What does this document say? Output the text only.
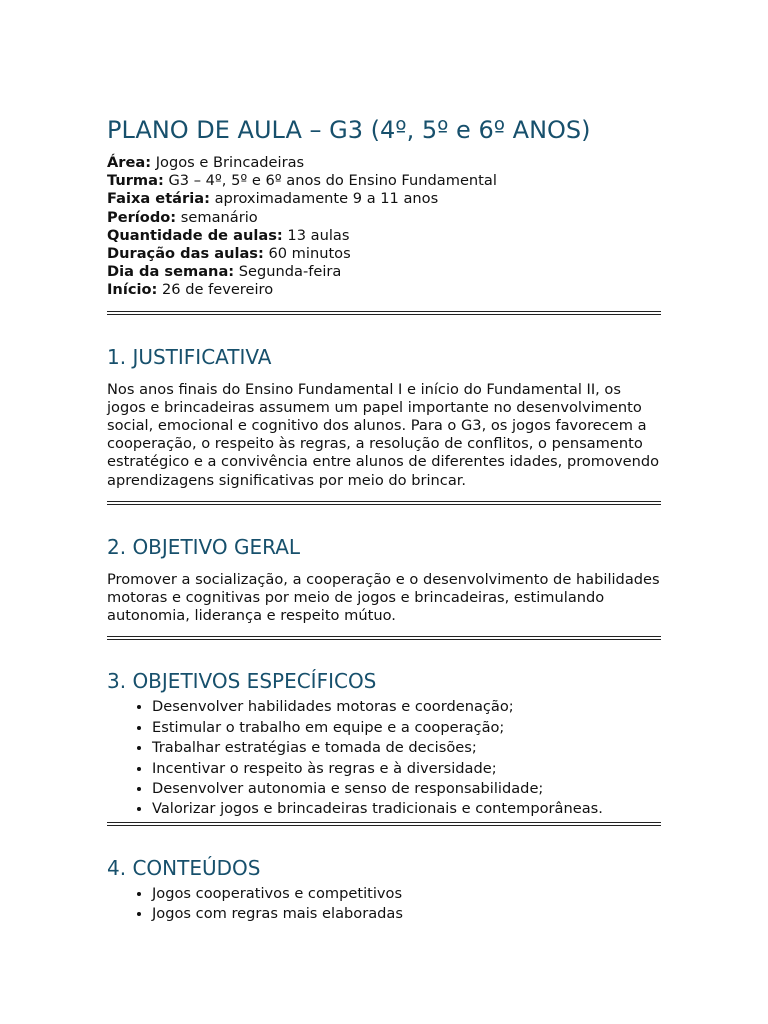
PLANO DE AULA – G3 (4º, 5º e 6º ANOS)
Área: Jogos e Brincadeiras
Turma: G3 – 4º, 5º e 6º anos do Ensino Fundamental
Faixa etária: aproximadamente 9 a 11 anos
Período: semanário
Quantidade de aulas: 13 aulas
Duração das aulas: 60 minutos
Dia da semana: Segunda-feira
Início: 26 de fevereiro
1. JUSTIFICATIVA

Nos anos finais do Ensino Fundamental I e início do Fundamental II, os jogos e brincadeiras assumem um papel importante no desenvolvimento social, emocional e cognitivo dos alunos. Para o G3, os jogos favorecem a cooperação, o respeito às regras, a resolução de conflitos, o pensamento estratégico e a convivência entre alunos de diferentes idades, promovendo aprendizagens significativas por meio do brincar.

2. OBJETIVO GERAL

Promover a socialização, a cooperação e o desenvolvimento de habilidades motoras e cognitivas por meio de jogos e brincadeiras, estimulando autonomia, liderança e respeito mútuo.

3. OBJETIVOS ESPECÍFICOS
• Desenvolver habilidades motoras e coordenação;
• Estimular o trabalho em equipe e a cooperação;
• Trabalhar estratégias e tomada de decisões;
• Incentivar o respeito às regras e à diversidade;
• Desenvolver autonomia e senso de responsabilidade;
• Valorizar jogos e brincadeiras tradicionais e contemporâneas.
4. CONTEÚDOS
• Jogos cooperativos e competitivos
• Jogos com regras mais elaboradas
